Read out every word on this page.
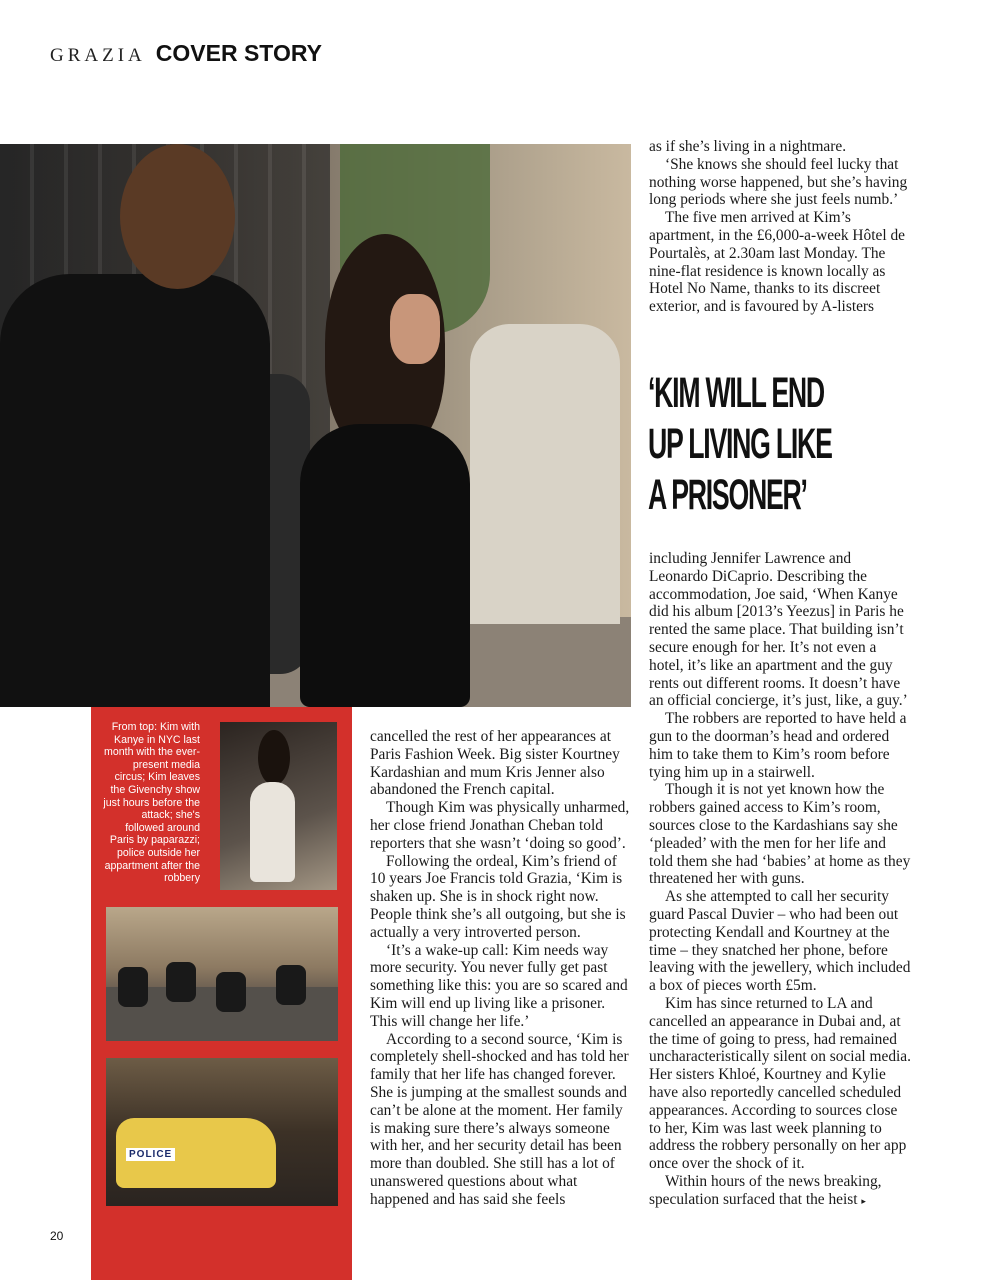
GRAZIA COVER STORY

as if she’s living in a nightmare.

‘She knows she should feel lucky that nothing worse happened, but she’s having long periods where she just feels numb.’

The five men arrived at Kim’s apartment, in the £6,000-a-week Hôtel de Pourtalès, at 2.30am last Monday. The nine-flat residence is known locally as Hotel No Name, thanks to its discreet exterior, and is favoured by A-listers

‘KIM WILL END
UP LIVING LIKE
A PRISONER’

including Jennifer Lawrence and Leonardo DiCaprio. Describing the accommodation, Joe said, ‘When Kanye did his album [2013’s Yeezus] in Paris he rented the same place. That building isn’t secure enough for her. It’s not even a hotel, it’s like an apartment and the guy rents out different rooms. It doesn’t have an official concierge, it’s just, like, a guy.’

The robbers are reported to have held a gun to the doorman’s head and ordered him to take them to Kim’s room before tying him up in a stairwell.

Though it is not yet known how the robbers gained access to Kim’s room, sources close to the Kardashians say she ‘pleaded’ with the men for her life and told them she had ‘babies’ at home as they threatened her with guns.

As she attempted to call her security guard Pascal Duvier – who had been out protecting Kendall and Kourtney at the time – they snatched her phone, before leaving with the jewellery, which included a box of pieces worth £5m.

Kim has since returned to LA and cancelled an appearance in Dubai and, at the time of going to press, had remained uncharacteristically silent on social media. Her sisters Khloé, Kourtney and Kylie have also reportedly cancelled scheduled appearances. According to sources close to her, Kim was last week planning to address the robbery personally on her app once over the shock of it.

Within hours of the news breaking, speculation surfaced that the heist ▸

From top: Kim with Kanye in NYC last month with the ever-present media circus; Kim leaves the Givenchy show just hours before the attack; she's followed around Paris by paparazzi; police outside her appartment after the robbery
POLICE

cancelled the rest of her appearances at Paris Fashion Week. Big sister Kourtney Kardashian and mum Kris Jenner also abandoned the French capital.

Though Kim was physically unharmed, her close friend Jonathan Cheban told reporters that she wasn’t ‘doing so good’.

Following the ordeal, Kim’s friend of 10 years Joe Francis told Grazia, ‘Kim is shaken up. She is in shock right now. People think she’s all outgoing, but she is actually a very introverted person.

‘It’s a wake-up call: Kim needs way more security. You never fully get past something like this: you are so scared and Kim will end up living like a prisoner. This will change her life.’

According to a second source, ‘Kim is completely shell-shocked and has told her family that her life has changed forever. She is jumping at the smallest sounds and can’t be alone at the moment. Her family is making sure there’s always someone with her, and her security detail has been more than doubled. She still has a lot of unanswered questions about what happened and has said she feels

20
